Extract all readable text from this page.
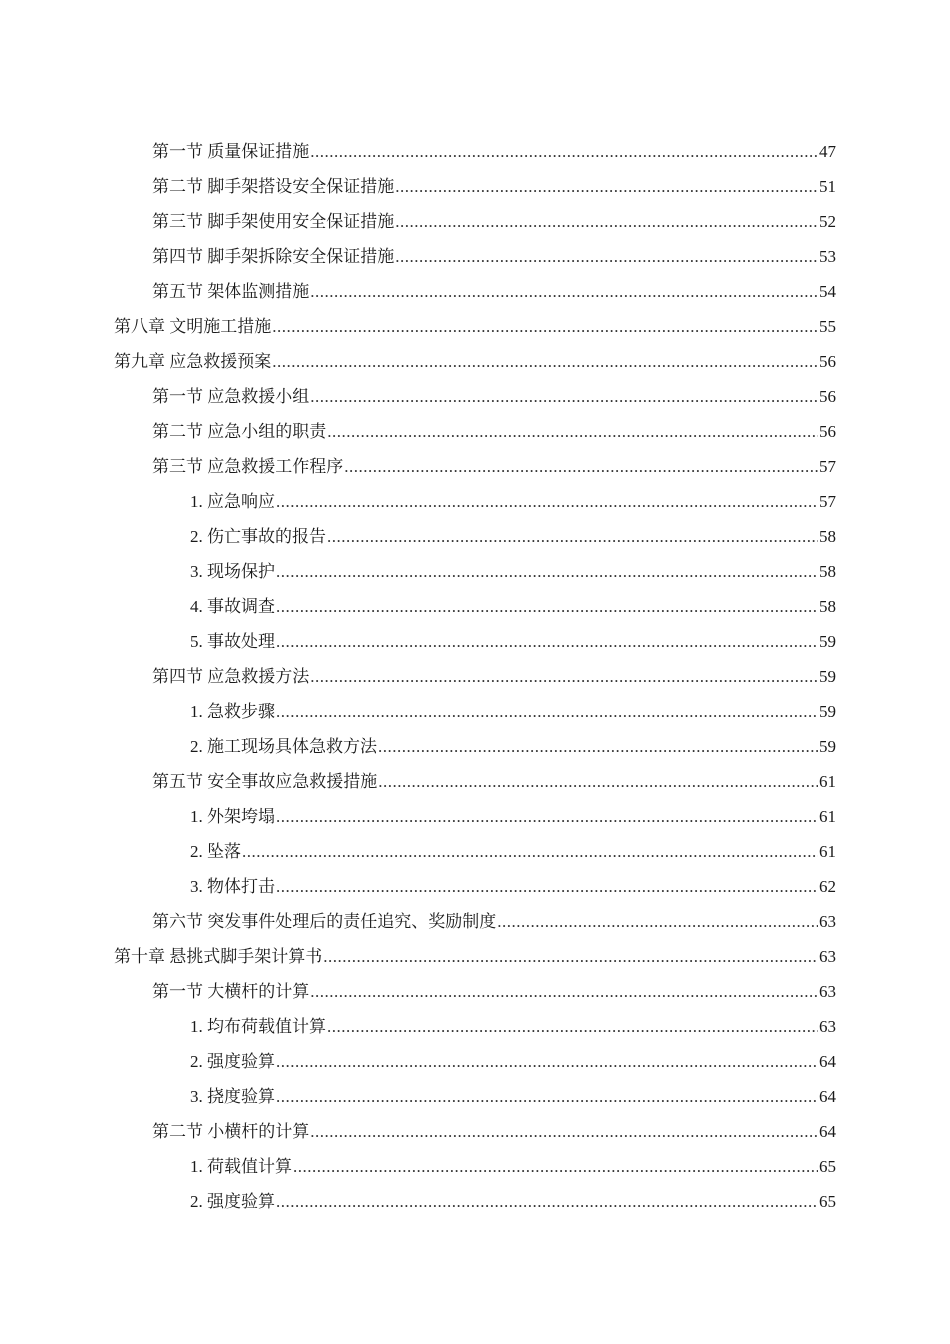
第一节 质量保证措施 .....	47
第二节 脚手架搭设安全保证措施 .....	51
第三节 脚手架使用安全保证措施 .....	52
第四节 脚手架拆除安全保证措施 .....	53
第五节 架体监测措施 .....	54
第八章 文明施工措施 .....	55
第九章 应急救援预案 .....	56
第一节 应急救援小组 .....	56
第二节 应急小组的职责 .....	56
第三节 应急救援工作程序 .....	57
1. 应急响应 .....	57
2. 伤亡事故的报告 .....	58
3. 现场保护 .....	58
4. 事故调查 .....	58
5. 事故处理 .....	59
第四节 应急救援方法 .....	59
1. 急救步骤 .....	59
2. 施工现场具体急救方法 .....	59
第五节 安全事故应急救援措施 .....	61
1. 外架垮塌 .....	61
2. 坠落 .....	61
3. 物体打击 .....	62
第六节 突发事件处理后的责任追究、奖励制度 .....	63
第十章 悬挑式脚手架计算书 .....	63
第一节 大横杆的计算 .....	63
1. 均布荷载值计算 .....	63
2. 强度验算 .....	64
3. 挠度验算 .....	64
第二节 小横杆的计算 .....	64
1. 荷载值计算 .....	65
2. 强度验算 .....	65
